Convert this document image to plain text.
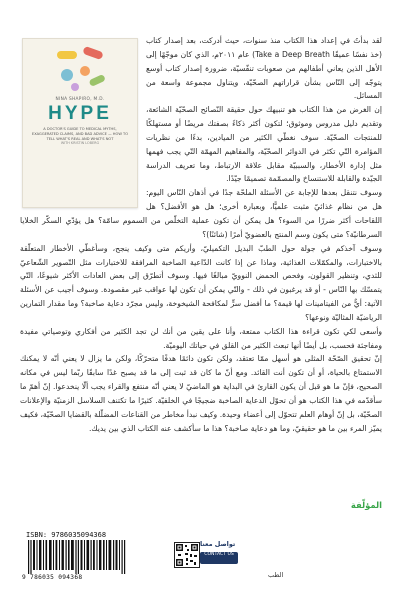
NINA SHAPIRO, M.D.
HYPE
A DOCTOR'S GUIDE TO MEDICAL MYTHS, EXAGGERATED CLAIMS, AND BAD ADVICE — HOW TO TELL WHAT'S REAL AND WHAT'S NOT
WITH KRISTIN LOBERG

لقد بدأتُ في إعداد هذا الكتاب منذ سنوات، حيث أدركت، بعد إصدار كتاب (خذ نفسًا عميقًا Take a Deep Breath) عام ٢٠١١م، الذي كان موجّهًا إلى الأهل الذين يعاني أطفالهم من صعوبات تنفّسيّة، ضرورة إصدار كتاب أوسع يتوجّه إلى النّاس بشأن قراراتهم الصحّيّة، ويتناول مجموعة واسعة من المسائل.

إن الغرض من هذا الكتاب هو تنبيهك حول حقيقة النّصائح الصحّيّة الشائعة، وتقديم دليل مدروس وموثوق؛ لتكون أكثر ذكاءً بصفتك مريضًا أو مستهلكًا للمنتجات الصحّيّة. سوف نغطّي الكثير من الميادين، بدءًا من نظريات المؤامرة التّي تكثر في الدوائر الصحّيّة، والمفاهيم المهمّة التّي يجب فهمها مثل إدارة الأخطار، والسببيّة مقابل علاقة الارتباط، وما تعريف الدراسة الجيّدة والقابلة للاستنساخ والمصمّمة تصميمًا جيّدًا.

وسوف نتنقل بعدها للإجابة عن الأسئلة الملحّة جدًا في أذهان النّاس اليوم: هل من نظام غذائيّ مثبت علميًّا، وبعبارة أخرى؛ هل هو الأفضل؟ هل اللقاحات أكثر ضررًا من السوء؟ هل يمكن أن تكون عملية التخلّص من السموم سامّة؟ هل يؤدّي السكّر الخلايا السرطانيّة؟ متى يكون وسم المنتج بالعضويّ أمرًا (شائنًا)؟

وسوف آخذكم في جولة حول الطبّ البديل التكميليّ، وأريكم متى وكيف ينجح، وسأغطّي الأخطار المتعلّقة بالاختبارات، والمكمّلات الغذائية، وماذا عن إذا كانت الدّاعية الصاخبة المرافقة للاختبارات مثل التّصوير الشّعاعيّ للثدي، وتنظير القولون، وفحص الحمض النوويّ مبالغًا فيها. وسوف أتطرّق إلى بعض العادات الأكثر شيوعًا، التّي يتمسّك بها النّاس - أو قد يرغبون في ذلك - والتّي يمكن أن تكون لها عواقب غير مقصودة. وسوف أجيب عن الأسئلة الآتية: أيٌّ من الفيتامينات لها قيمة؟ ما أفضل سرٍّ لمكافحة الشيخوخة، وليس مجرّد دعاية صاخبة؟ وما مقدار التمارين الرياضيّة المثاليّة ونوعها؟

وأسعى لكي تكون قراءة هذا الكتاب ممتعة، وأنا على يقين من أنك لن تجد الكثير من أفكاري وتوصياتي مفيدة ومفاجئة فحسب، بل أيضًا أنها تبعث الكثير من القلق في حياتك اليوميّة.

إنّ تحقيق الصّحّة المثلى هو أسهل ممّا تعتقد، ولكن تكون دائمًا هدفًا متحرّكًا، ولكن ما يزال لا يعني أنّه لا يمكنك الاستمتاع بالحياة، أو أن تكون أنت القائد. ومع أنّ ما كان قد ثبت إلى ما قد يصبح غدًا سابقًا ربّما ليس في مكانه الصحيح، فإنّ ما هو قبل أن يكون القارئ في البداية هو الماضيّ لا يعني أنّه منتفع والقراء يجب ألّا ينخدعوا. إنّ أهمّ ما سأقدّمه في هذا الكتاب هو أن تحوّل الدعاية الصاخبة ضجيجًا في الخلفيّة. كثيرًا ما تكتنف السلاسل الزمنيّة والإعلانات الصحّيّة، بل إنّ أوهام العلم تتحوّل إلى أعضاء وحيدة. وكيف نبدأ مخاطر من القناعات المضلّلة بالقضايا الصحّيّة، فكيف يميّز المرء بين ما هو حقيقيّ، وما هو دعاية صاخبة؟ هذا ما سأكشف عنه الكتاب الذي بين يديك.

المؤلّفة
ISBN: 9786035094368
9 786035 094368
تواصل معنا
CONTACT US
الطب
